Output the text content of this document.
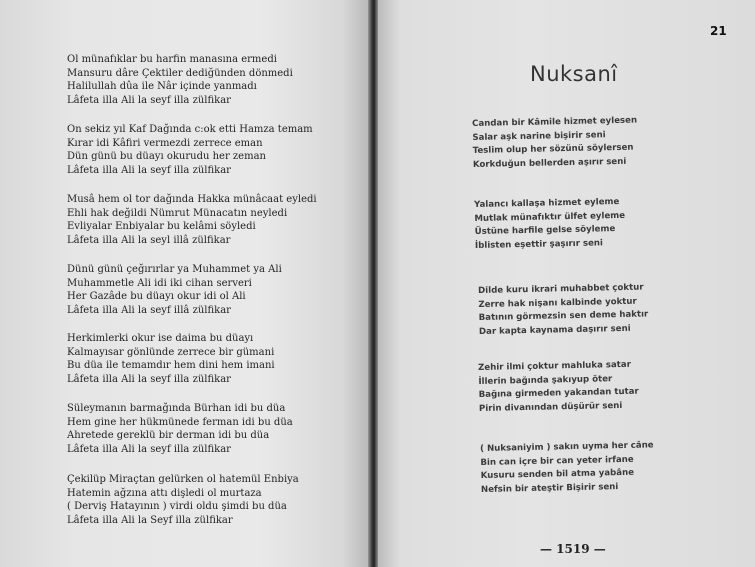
Ol münafıklar bu harfin manasına ermedi
Mansuru dâre Çektiler dediğünden dönmedi
Halilullah dûa ile Nâr içinde yanmadı
Lâfeta illa Ali la seyf illa zülfikar
On sekiz yıl Kaf Dağında c:ok etti Hamza temam
Kırar idi Kâfiri vermezdi zerrece eman
Dün günü bu düayı okurudu her zeman
Lâfeta illa Ali la seyf illa zülfikar
Musâ hem ol tor dağında Hakka münâcaat eyledi
Ehli hak değildi Nümrut Münacatın neyledi
Evliyalar Enbiyalar bu kelâmi söyledi
Lâfeta illa Ali la seyl illâ zülfikar
Dünü günü çeğırırlar ya Muhammet ya Ali
Muhammetle Ali idi iki cihan serveri
Her Gazâde bu düayı okur idi ol Ali
Lâfeta illa Ali la seyf illâ zülfikar
Herkimlerki okur ise daima bu düayı
Kalmayısar gönlünde zerrece bir gümani
Bu düa ile temamdır hem dini hem imani
Lâfeta illa Ali la seyf illa zülfikar
Süleymanın barmağında Bürhan idi bu düa
Hem gine her hükmünede ferman idi bu düa
Ahretede gereklü bir derman idi bu düa
Lâfeta illa Ali la seyf illa zülfikar
Çekilüp Miraçtan gelürken ol hatemül Enbiya
Hatemin ağzına attı dişledi ol murtaza
( Derviş Hatayının ) virdi oldu şimdi bu düa
Lâfeta illa Ali la Seyf illa zülfikar
21
Nuksanî
Candan bir Kâmile hizmet eylesen
Salar aşk narine bişirir seni
Teslim olup her sözünü söylersen
Korkduğun bellerden aşırır seni
Yalancı kallaşa hizmet eyleme
Mutlak münafıktır ülfet eyleme
Üstüne harfile gelse söyleme
İblisten eşettir şaşırır seni
Dilde kuru ikrari muhabbet çoktur
Zerre hak nişanı kalbinde yoktur
Batının görmezsin sen deme haktır
Dar kapta kaynama daşırır seni
Zehir ilmi çoktur mahluka satar
İllerin bağında şakıyup öter
Bağına girmeden yakandan tutar
Pirin divanından düşürür seni
( Nuksaniyim ) sakın uyma her câne
Bin can içre bir can yeter irfane
Kusuru senden bil atma yabâne
Nefsin bir ateştir Bişirir seni
— 1519 —
